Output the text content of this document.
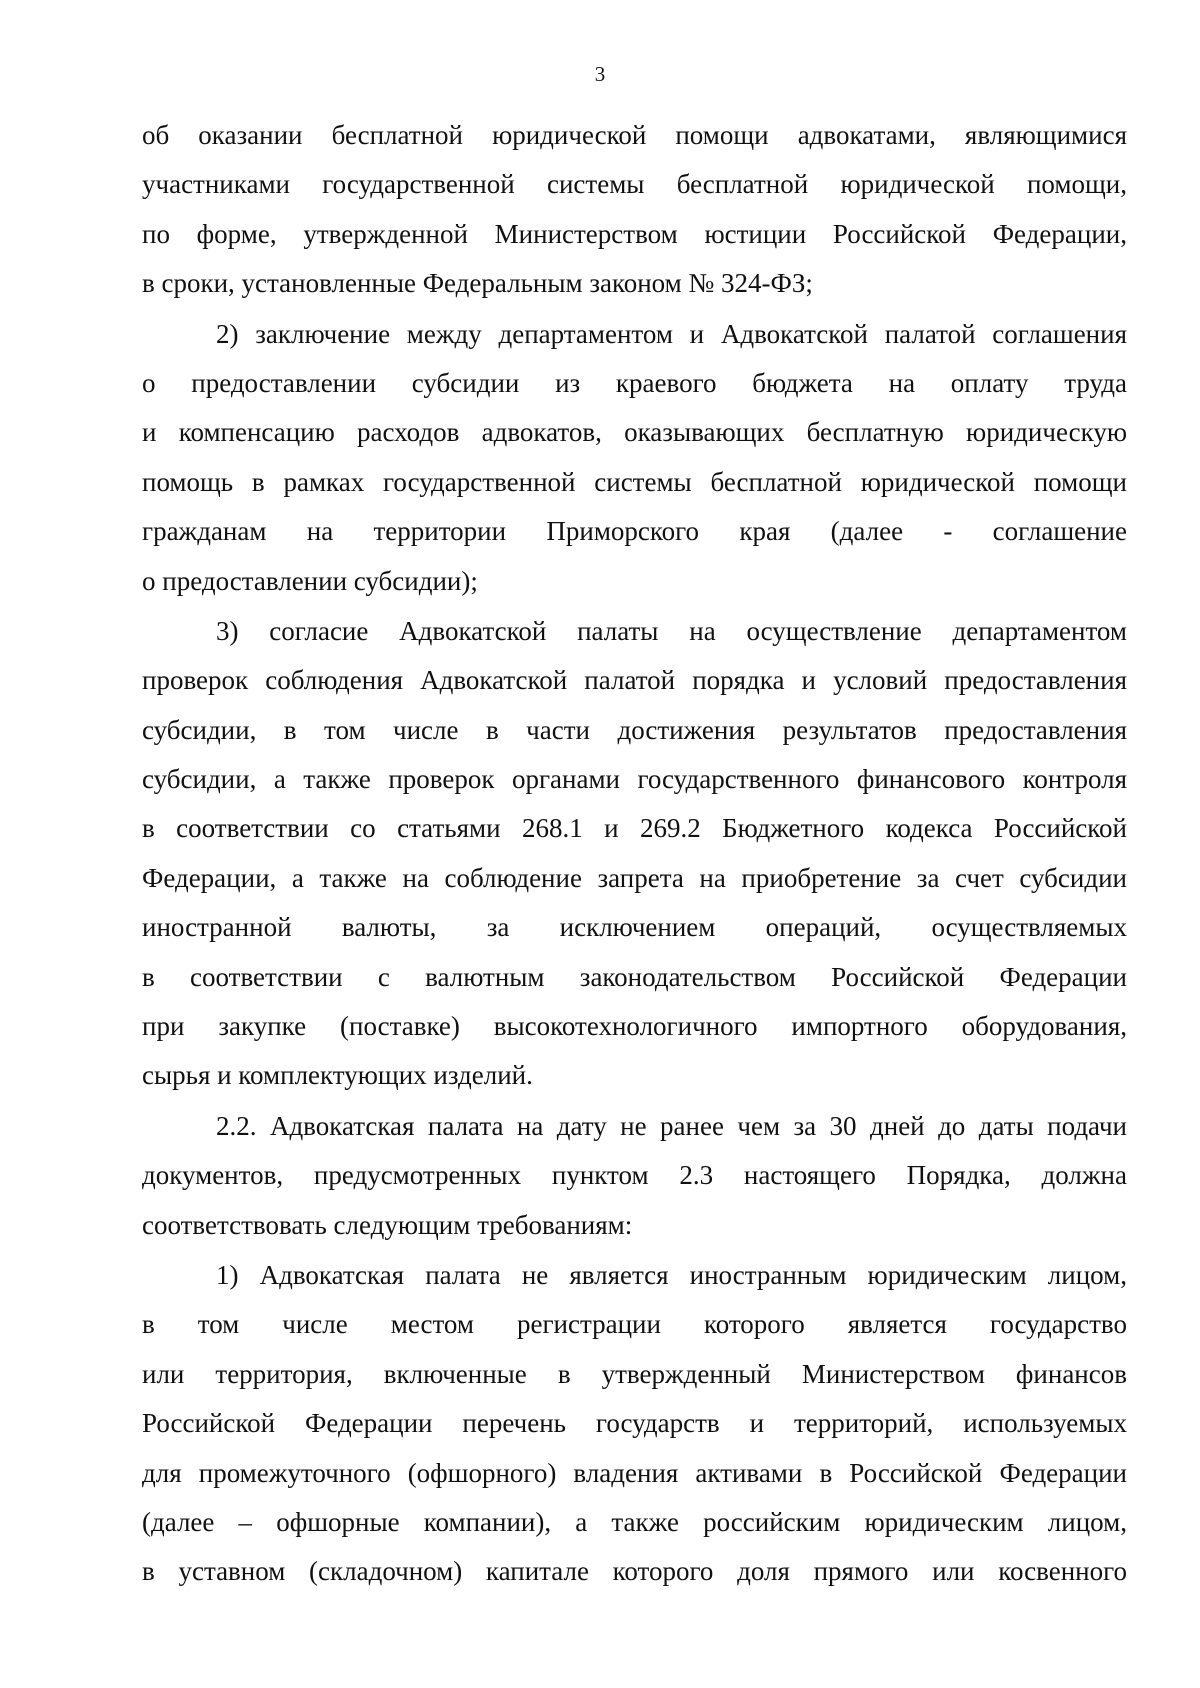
3
об оказании бесплатной юридической помощи адвокатами, являющимися
участниками государственной системы бесплатной юридической помощи,
по форме, утвержденной Министерством юстиции Российской Федерации,
в сроки, установленные Федеральным законом № 324-ФЗ;
2) заключение между департаментом и Адвокатской палатой соглашения
о предоставлении субсидии из краевого бюджета на оплату труда
и компенсацию расходов адвокатов, оказывающих бесплатную юридическую
помощь в рамках государственной системы бесплатной юридической помощи
гражданам на территории Приморского края (далее - соглашение
о предоставлении субсидии);
3) согласие Адвокатской палаты на осуществление департаментом
проверок соблюдения Адвокатской палатой порядка и условий предоставления
субсидии, в том числе в части достижения результатов предоставления
субсидии, а также проверок органами государственного финансового контроля
в соответствии со статьями 268.1 и 269.2 Бюджетного кодекса Российской
Федерации, а также на соблюдение запрета на приобретение за счет субсидии
иностранной валюты, за исключением операций, осуществляемых
в соответствии с валютным законодательством Российской Федерации
при закупке (поставке) высокотехнологичного импортного оборудования,
сырья и комплектующих изделий.
2.2. Адвокатская палата на дату не ранее чем за 30 дней до даты подачи
документов, предусмотренных пунктом 2.3 настоящего Порядка, должна
соответствовать следующим требованиям:
1) Адвокатская палата не является иностранным юридическим лицом,
в том числе местом регистрации которого является государство
или территория, включенные в утвержденный Министерством финансов
Российской Федерации перечень государств и территорий, используемых
для промежуточного (офшорного) владения активами в Российской Федерации
(далее – офшорные компании), а также российским юридическим лицом,
в уставном (складочном) капитале которого доля прямого или косвенного
